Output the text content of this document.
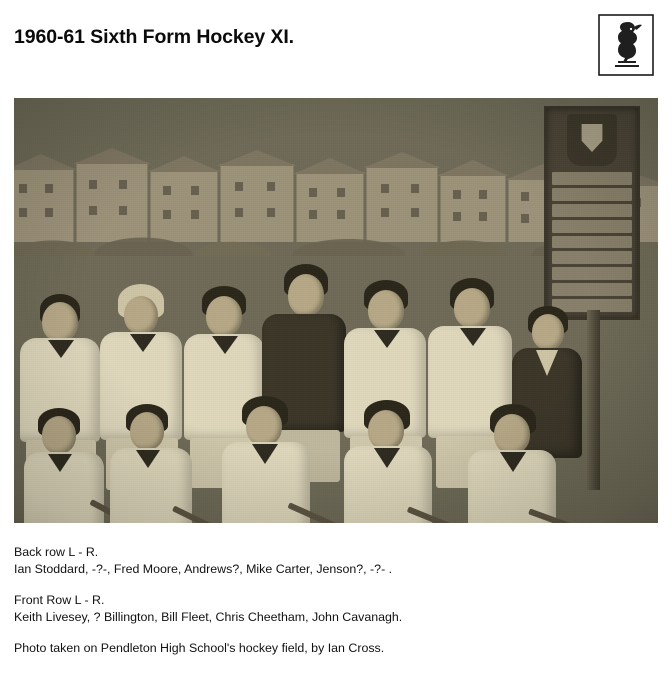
1960-61 Sixth Form Hockey XI.

Back row L - R.

Ian Stoddard, -?-, Fred Moore, Andrews?, Mike Carter, Jenson?, -?- .

Front Row L - R.

Keith Livesey, ? Billington, Bill Fleet, Chris Cheetham, John Cavanagh.

Photo taken on Pendleton High School's hockey field, by Ian Cross.
